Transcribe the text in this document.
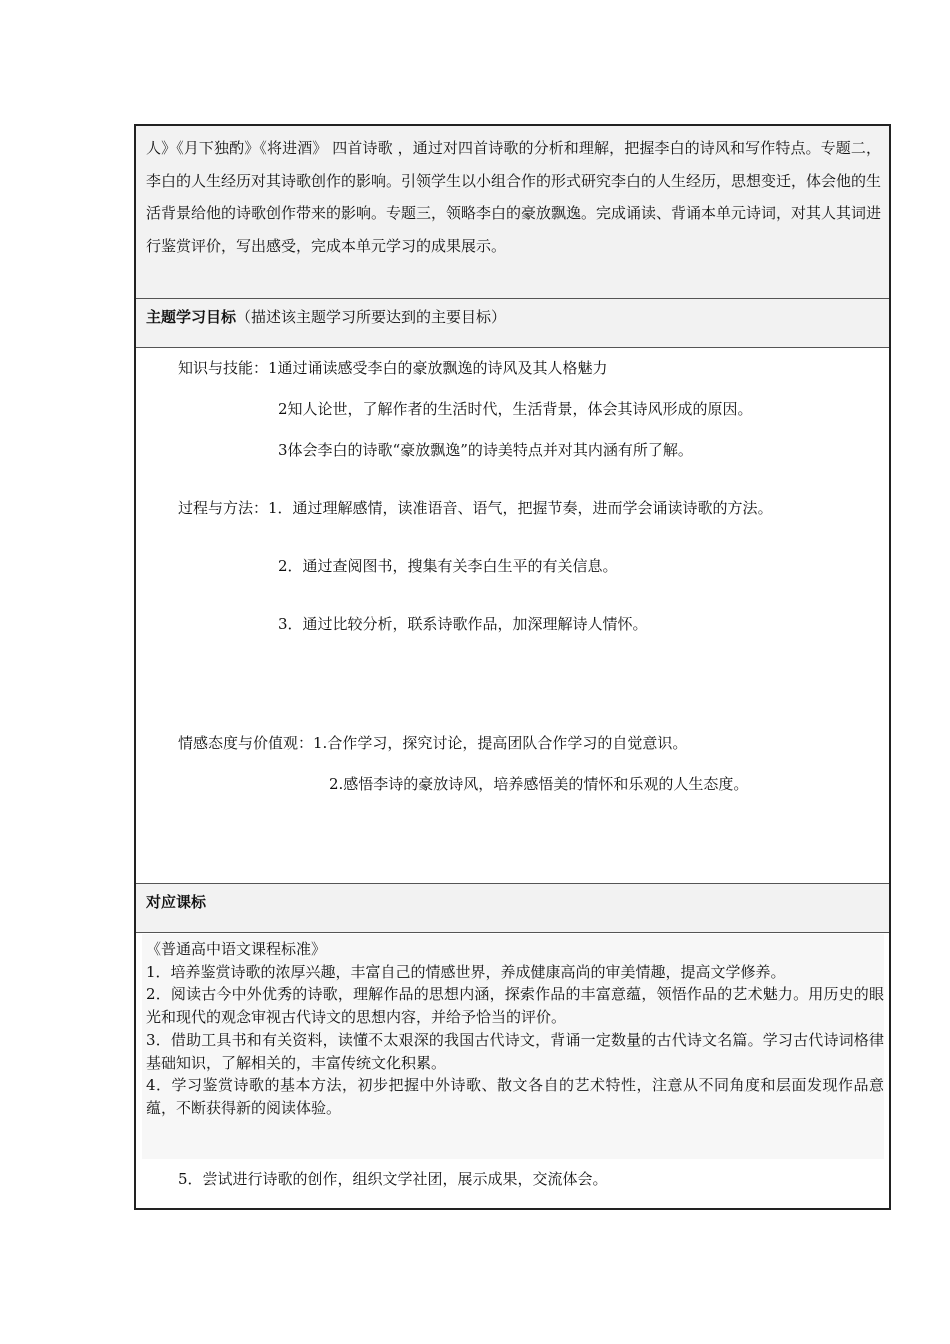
人》《月下独酌》《将进酒》 四首诗歌 ，通过对四首诗歌的分析和理解，把握李白的诗风和写作特点。专题二，李白的人生经历对其诗歌创作的影响。引领学生以小组合作的形式研究李白的人生经历，思想变迁，体会他的生活背景给他的诗歌创作带来的影响。专题三，领略李白的豪放飘逸。完成诵读、背诵本单元诗词，对其人其词进行鉴赏评价，写出感受，完成本单元学习的成果展示。
主题学习目标（描述该主题学习所要达到的主要目标）
知识与技能：1通过诵读感受李白的豪放飘逸的诗风及其人格魅力
2知人论世，了解作者的生活时代，生活背景，体会其诗风形成的原因。
3体会李白的诗歌“豪放飘逸”的诗美特点并对其内涵有所了解。
过程与方法：1．通过理解感情，读准语音、语气，把握节奏，进而学会诵读诗歌的方法。
2．通过查阅图书，搜集有关李白生平的有关信息。
3．通过比较分析，联系诗歌作品，加深理解诗人情怀。
情感态度与价值观：1.合作学习，探究讨论，提高团队合作学习的自觉意识。
2.感悟李诗的豪放诗风，培养感悟美的情怀和乐观的人生态度。
对应课标
《普通高中语文课程标准》
1．培养鉴赏诗歌的浓厚兴趣，丰富自己的情感世界，养成健康高尚的审美情趣，提高文学修养。
2．阅读古今中外优秀的诗歌，理解作品的思想内涵，探索作品的丰富意蕴，领悟作品的艺术魅力。用历史的眼光和现代的观念审视古代诗文的思想内容，并给予恰当的评价。
3．借助工具书和有关资料，读懂不太艰深的我国古代诗文，背诵一定数量的古代诗文名篇。学习古代诗词格律基础知识，了解相关的，丰富传统文化积累。
4．学习鉴赏诗歌的基本方法，初步把握中外诗歌、散文各自的艺术特性，注意从不同角度和层面发现作品意蕴，不断获得新的阅读体验。
5．尝试进行诗歌的创作，组织文学社团，展示成果，交流体会。
